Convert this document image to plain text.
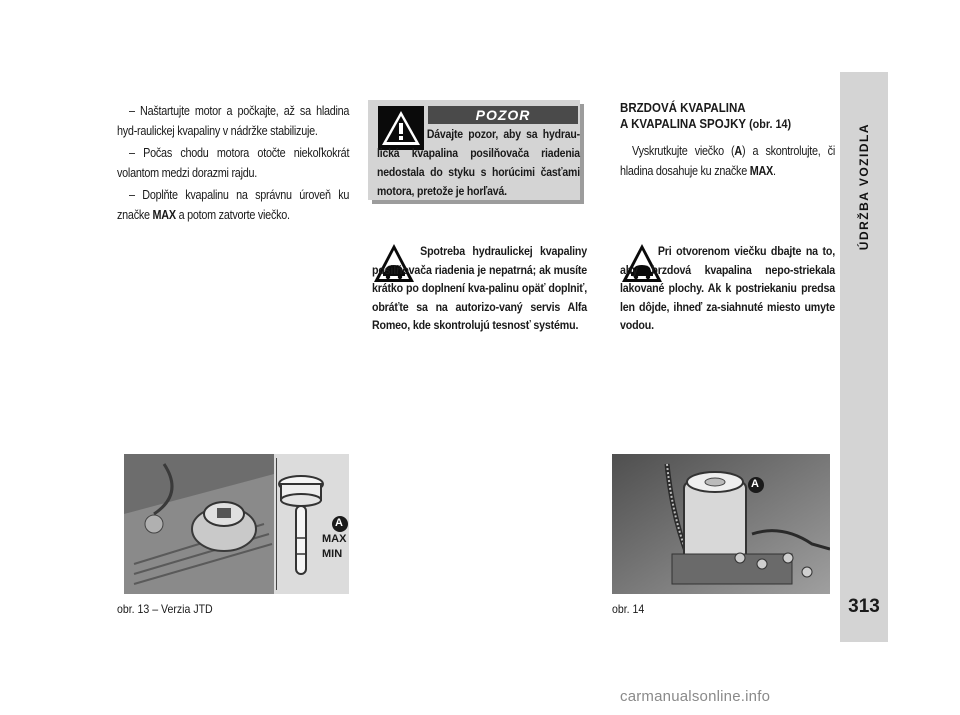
ÚDRŽBA VOZIDLA
313

– Naštartujte motor a počkajte, až sa hladina hyd-raulickej kvapaliny v nádržke stabilizuje.

– Počas chodu motora otočte niekoľkokrát volantom medzi dorazmi rajdu.

– Doplňte kvapalinu na správnu úroveň ku značke MAX a potom zatvorte viečko.

POZOR

Dávajte pozor, aby sa hydrau-lická kvapalina posilňovača riadenia nedostala do styku s horúcimi časťami motora, pretože je horľavá.

Spotreba hydraulickej kvapaliny posilňovača riadenia je nepatrná; ak musíte krátko po doplnení kva-palinu opäť doplniť, obráťte sa na autorizo-vaný servis Alfa Romeo, kde skontrolujú tesnosť systému.

BRZDOVÁ KVAPALINA
A KVAPALINA SPOJKY (obr. 14)

Vyskrutkujte viečko (A) a skontrolujte, či hladina dosahuje ku značke MAX.

Pri otvorenom viečku dbajte na to, aby brzdová kvapalina nepo-striekala lakované plochy. Ak k postriekaniu predsa len dôjde, ihneď za-siahnuté miesto umyte vodou.

A
MAX
MIN
obr. 13 – Verzia JTD
A
obr. 14
carmanualsonline.info
